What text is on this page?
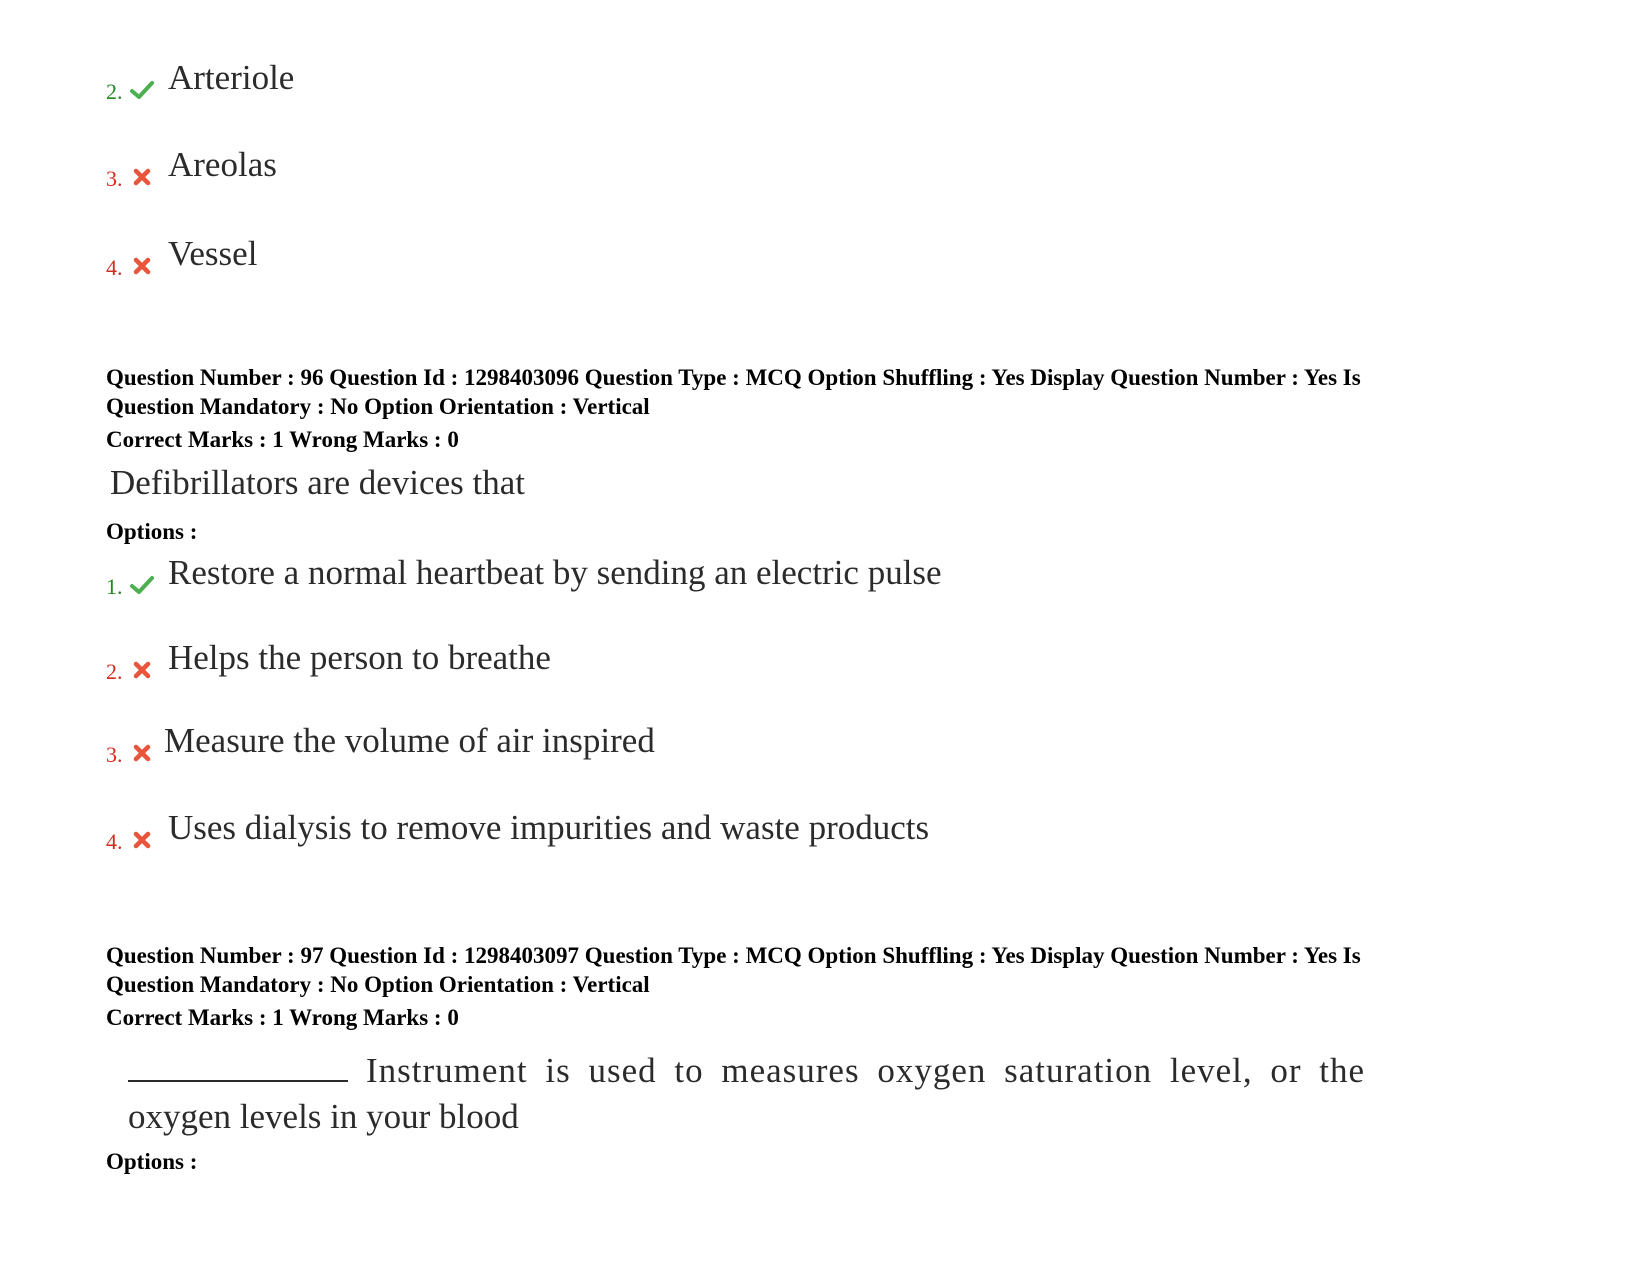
2. Arteriole
3. Areolas
4. Vessel
Question Number : 96 Question Id : 1298403096 Question Type : MCQ Option Shuffling : Yes Display Question Number : Yes Is
Question Mandatory : No Option Orientation : Vertical
Correct Marks : 1 Wrong Marks : 0
Defibrillators are devices that
Options :
1. Restore a normal heartbeat by sending an electric pulse
2. Helps the person to breathe
3. Measure the volume of air inspired
4. Uses dialysis to remove impurities and waste products
Question Number : 97 Question Id : 1298403097 Question Type : MCQ Option Shuffling : Yes Display Question Number : Yes Is
Question Mandatory : No Option Orientation : Vertical
Correct Marks : 1 Wrong Marks : 0
Instrument is used to measures oxygen saturation level, or the
oxygen levels in your blood
Options :
